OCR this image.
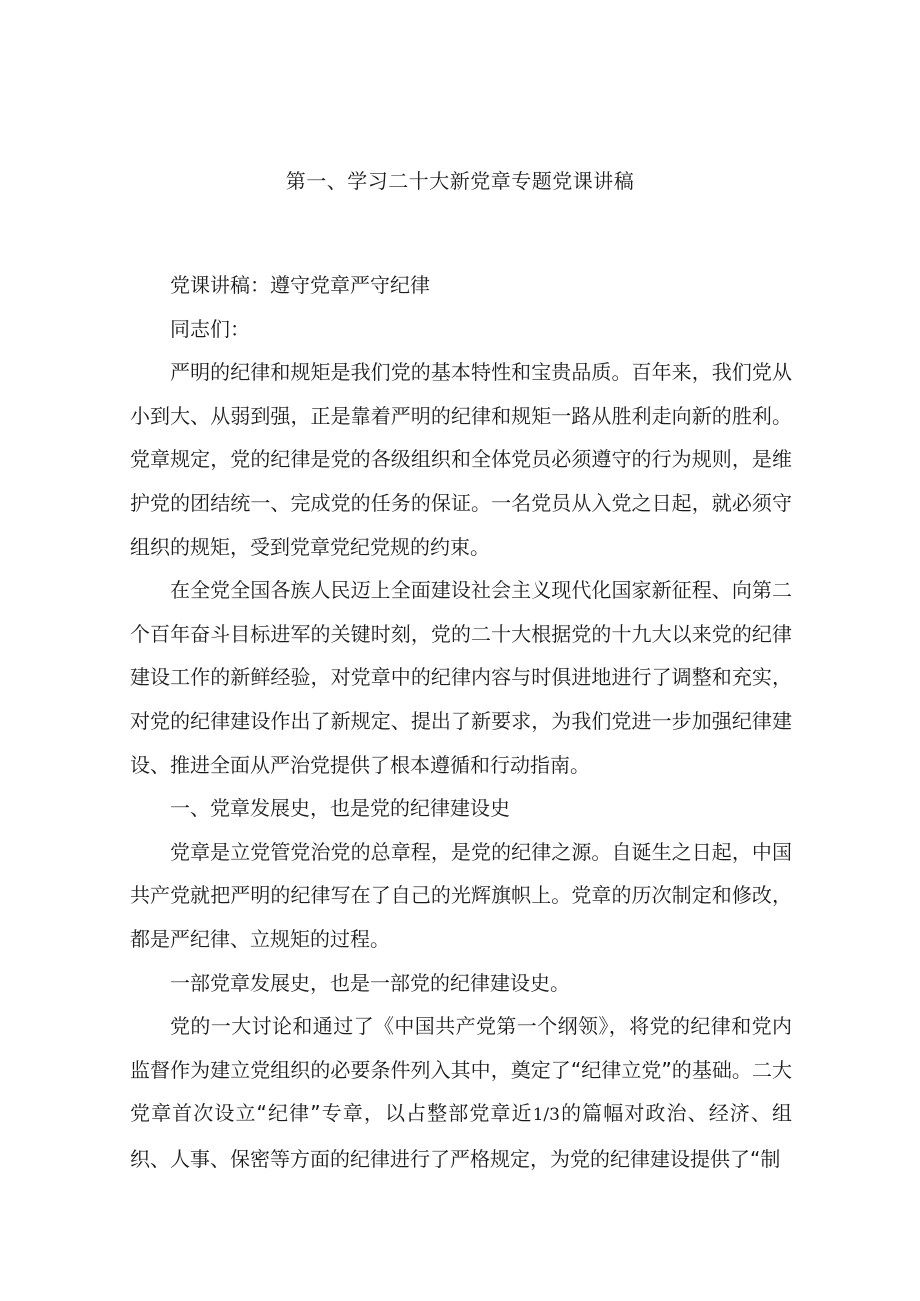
第一、学习二十大新党章专题党课讲稿

党课讲稿：遵守党章严守纪律

同志们：

严明的纪律和规矩是我们党的基本特性和宝贵品质。百年来，我们党从小到大、从弱到强，正是靠着严明的纪律和规矩一路从胜利走向新的胜利。党章规定，党的纪律是党的各级组织和全体党员必须遵守的行为规则，是维护党的团结统一、完成党的任务的保证。一名党员从入党之日起，就必须守组织的规矩，受到党章党纪党规的约束。

在全党全国各族人民迈上全面建设社会主义现代化国家新征程、向第二个百年奋斗目标进军的关键时刻，党的二十大根据党的十九大以来党的纪律建设工作的新鲜经验，对党章中的纪律内容与时俱进地进行了调整和充实，对党的纪律建设作出了新规定、提出了新要求，为我们党进一步加强纪律建设、推进全面从严治党提供了根本遵循和行动指南。

一、党章发展史，也是党的纪律建设史

党章是立党管党治党的总章程，是党的纪律之源。自诞生之日起，中国共产党就把严明的纪律写在了自己的光辉旗帜上。党章的历次制定和修改，都是严纪律、立规矩的过程。

一部党章发展史，也是一部党的纪律建设史。

党的一大讨论和通过了《中国共产党第一个纲领》，将党的纪律和党内监督作为建立党组织的必要条件列入其中，奠定了“纪律立党”的基础。二大党章首次设立“纪律”专章，以占整部党章近1/3的篇幅对政治、经济、组织、人事、保密等方面的纪律进行了严格规定，为党的纪律建设提供了“制
